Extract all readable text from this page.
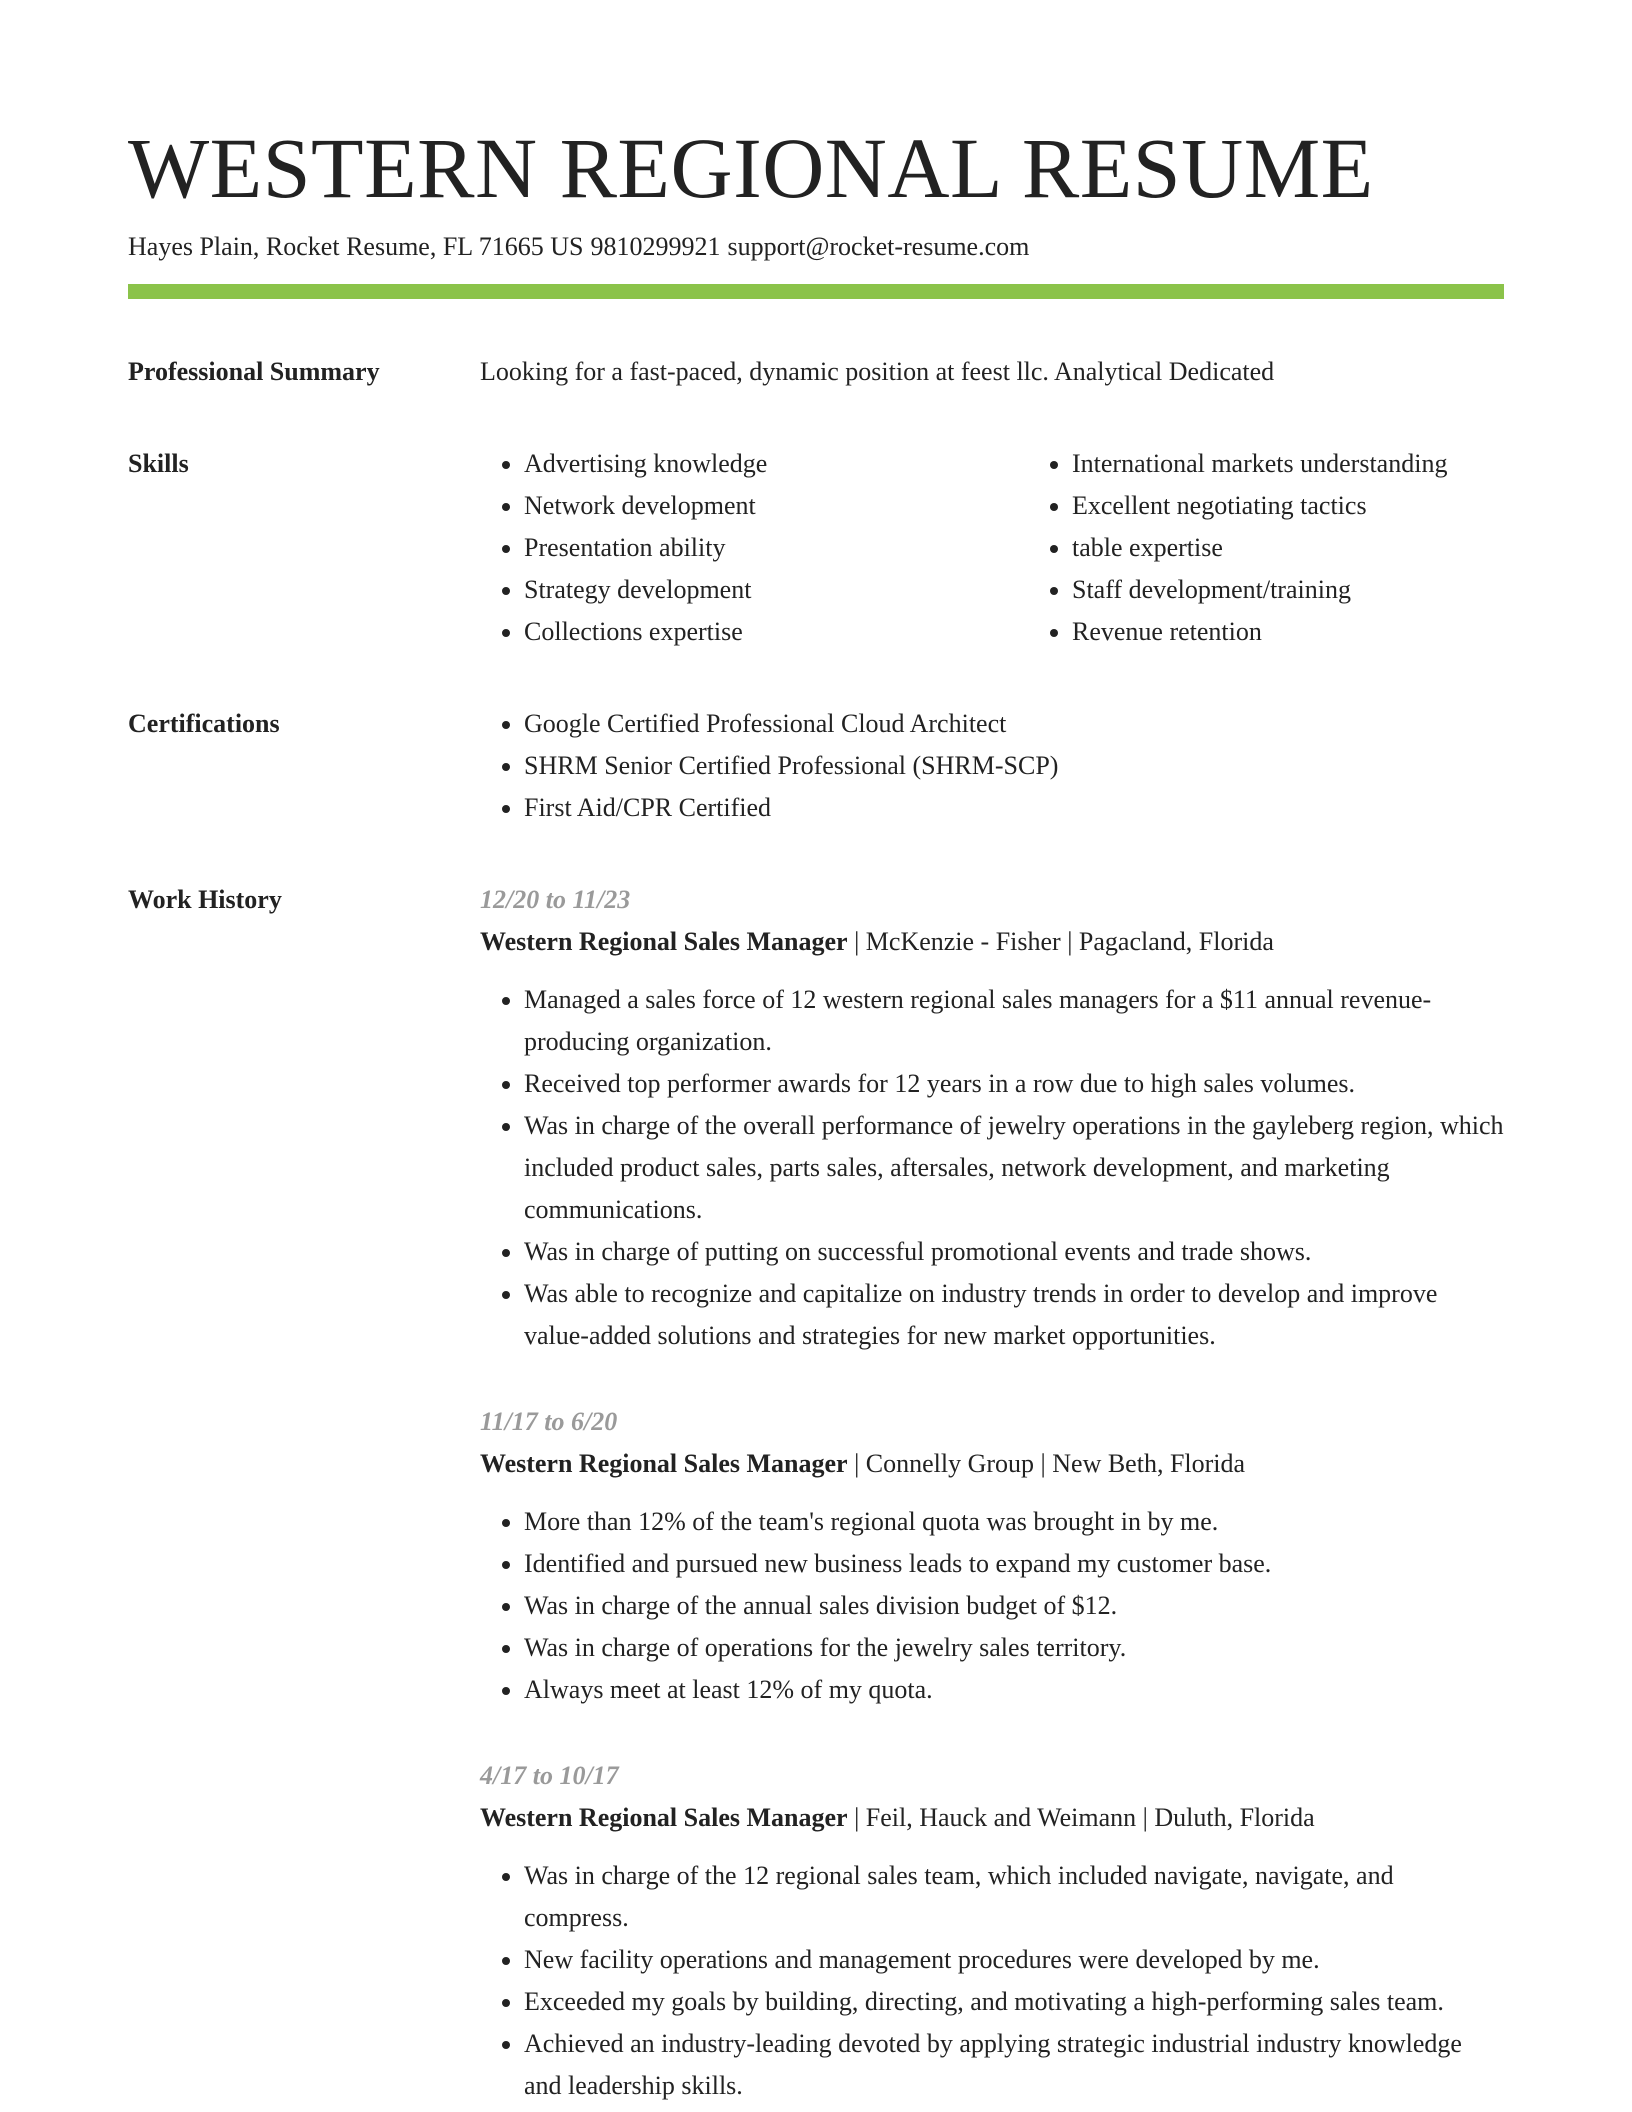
WESTERN REGIONAL RESUME
Hayes Plain, Rocket Resume, FL 71665 US 9810299921 support@rocket-resume.com
Professional Summary	Looking for a fast-paced, dynamic position at feest llc. Analytical Dedicated

Skills	• Advertising knowledge
• Network development
• Presentation ability
• Strategy development
• Collections expertise
• International markets understanding
• Excellent negotiating tactics
• table expertise
• Staff development/training
• Revenue retention
Certifications	• Google Certified Professional Cloud Architect
• SHRM Senior Certified Professional (SHRM-SCP)
• First Aid/CPR Certified
Work History	12/20 to 11/23
Western Regional Sales Manager | McKenzie - Fisher | Pagacland, Florida
• Managed a sales force of 12 western regional sales managers for a $11 annual revenue-producing organization.
• Received top performer awards for 12 years in a row due to high sales volumes.
• Was in charge of the overall performance of jewelry operations in the gayleberg region, which included product sales, parts sales, aftersales, network development, and marketing communications.
• Was in charge of putting on successful promotional events and trade shows.
• Was able to recognize and capitalize on industry trends in order to develop and improve value-added solutions and strategies for new market opportunities.
11/17 to 6/20
Western Regional Sales Manager | Connelly Group | New Beth, Florida
• More than 12% of the team's regional quota was brought in by me.
• Identified and pursued new business leads to expand my customer base.
• Was in charge of the annual sales division budget of $12.
• Was in charge of operations for the jewelry sales territory.
• Always meet at least 12% of my quota.
4/17 to 10/17
Western Regional Sales Manager | Feil, Hauck and Weimann | Duluth, Florida
• Was in charge of the 12 regional sales team, which included navigate, navigate, and compress.
• New facility operations and management procedures were developed by me.
• Exceeded my goals by building, directing, and motivating a high-performing sales team.
• Achieved an industry-leading devoted by applying strategic industrial industry knowledge and leadership skills.
